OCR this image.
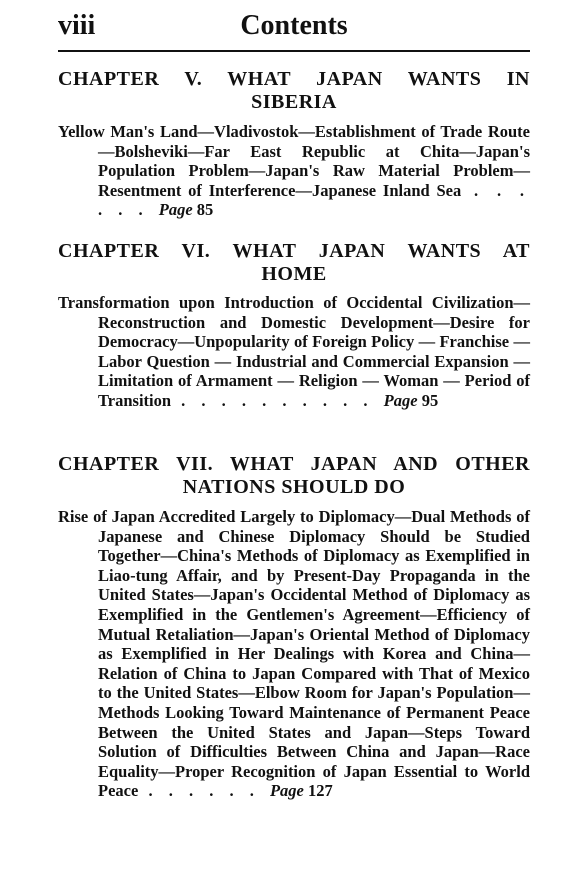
viii	Contents
CHAPTER V. WHAT JAPAN WANTS IN
SIBERIA

Yellow Man's Land—Vladivostok—Establishment of Trade Route—Bolsheviki—Far East Republic at Chita—Japan's Population Problem—Japan's Raw Material Problem—Resentment of Interference—Japanese Inland Sea . . . . . . Page 85

CHAPTER VI. WHAT JAPAN WANTS AT
HOME

Transformation upon Introduction of Occidental Civilization—Reconstruction and Domestic Development—Desire for Democracy—Unpopularity of Foreign Policy — Franchise — Labor Question — Industrial and Commercial Expansion — Limitation of Armament — Religion — Woman — Period of Transition . . . . . . . . . . Page 95

CHAPTER VII. WHAT JAPAN AND OTHER
NATIONS SHOULD DO

Rise of Japan Accredited Largely to Diplomacy—Dual Methods of Japanese and Chinese Diplomacy Should be Studied Together—China's Methods of Diplomacy as Exemplified in Liao-tung Affair, and by Present-Day Propaganda in the United States—Japan's Occidental Method of Diplomacy as Exemplified in the Gentlemen's Agreement—Efficiency of Mutual Retaliation—Japan's Oriental Method of Diplomacy as Exemplified in Her Dealings with Korea and China—Relation of China to Japan Compared with That of Mexico to the United States—Elbow Room for Japan's Population—Methods Looking Toward Maintenance of Permanent Peace Between the United States and Japan—Steps Toward Solution of Difficulties Between China and Japan—Race Equality—Proper Recognition of Japan Essential to World Peace . . . . . . Page 127
